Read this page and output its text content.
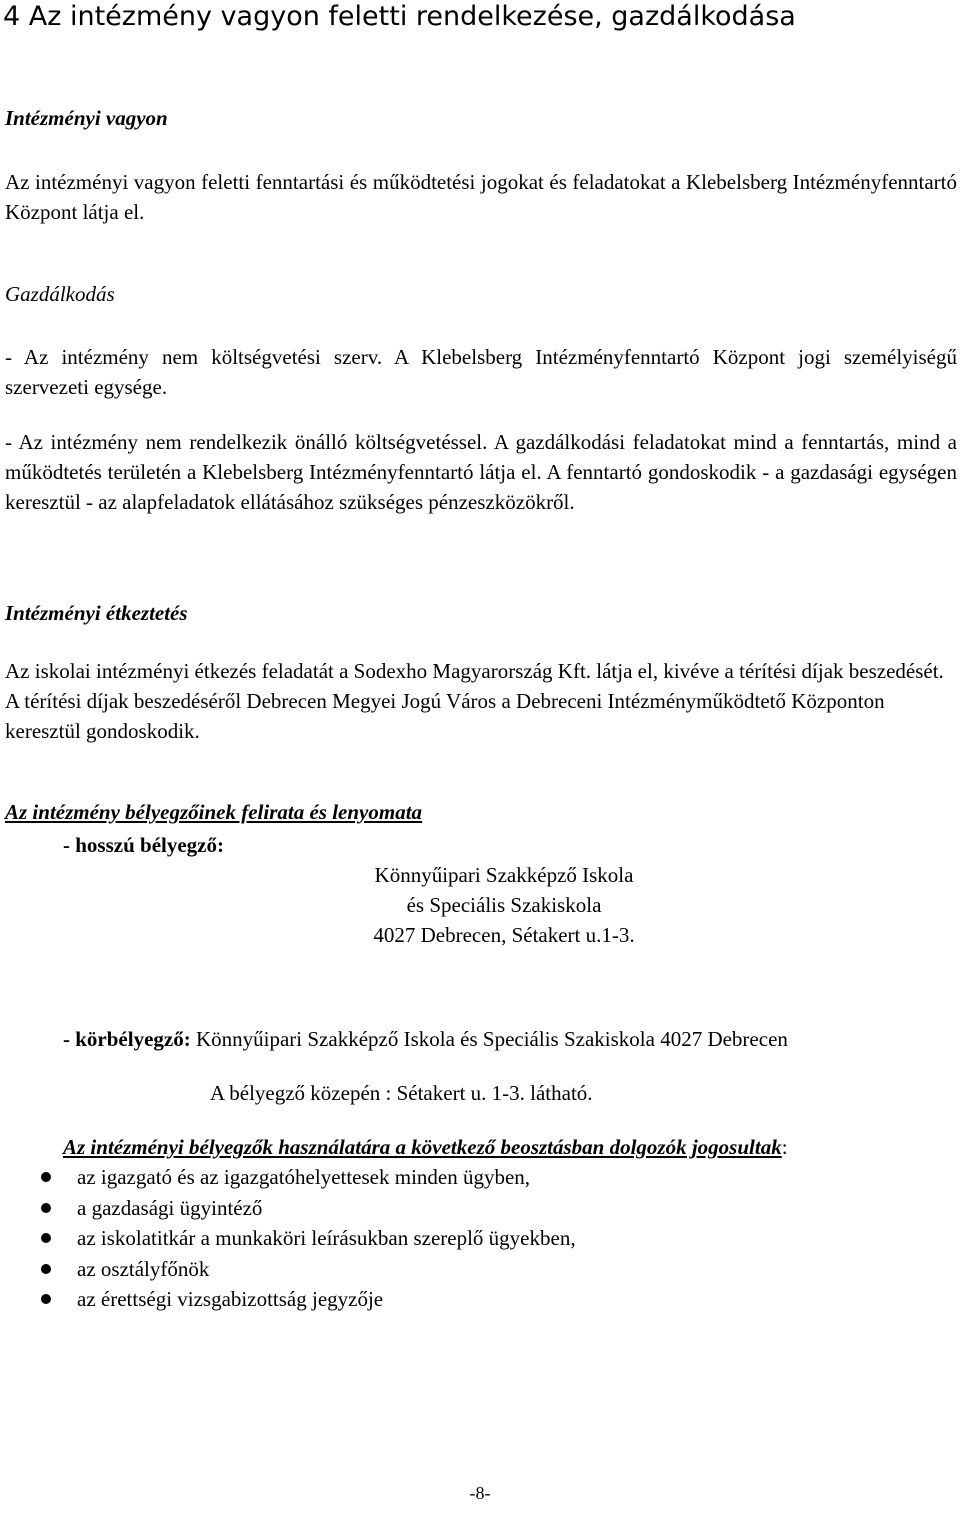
4 Az intézmény vagyon feletti rendelkezése, gazdálkodása
Intézményi vagyon

Az intézményi vagyon feletti fenntartási és működtetési jogokat és feladatokat a Klebelsberg Intézményfenntartó Központ látja el.

Gazdálkodás

- Az intézmény nem költségvetési szerv. A Klebelsberg Intézményfenntartó Központ jogi személyiségű szervezeti egysége.

- Az intézmény nem rendelkezik önálló költségvetéssel. A gazdálkodási feladatokat mind a fenntartás, mind a működtetés területén a Klebelsberg Intézményfenntartó látja el. A fenntartó gondoskodik - a gazdasági egységen keresztül - az alapfeladatok ellátásához szükséges pénzeszközökről.

Intézményi étkeztetés

Az iskolai intézményi étkezés feladatát a Sodexho Magyarország Kft. látja el, kivéve a térítési díjak beszedését. A térítési díjak beszedéséről Debrecen Megyei Jogú Város a Debreceni Intézményműködtető Központon keresztül gondoskodik.

Az intézmény bélyegzőinek felirata és lenyomata
- hosszú bélyegző:
Könnyűipari Szakképző Iskola
és Speciális Szakiskola
4027 Debrecen, Sétakert u.1-3.
- körbélyegző: Könnyűipari Szakképző Iskola és Speciális Szakiskola 4027 Debrecen
A bélyegző közepén : Sétakert u. 1-3. látható.
Az intézményi bélyegzők használatára a következő beosztásban dolgozók jogosultak:
az igazgató és az igazgatóhelyettesek minden ügyben,
a gazdasági ügyintéző
az iskolatitkár a munkaköri leírásukban szereplő ügyekben,
az osztályfőnök
az érettségi vizsgabizottság jegyzője
-8-
